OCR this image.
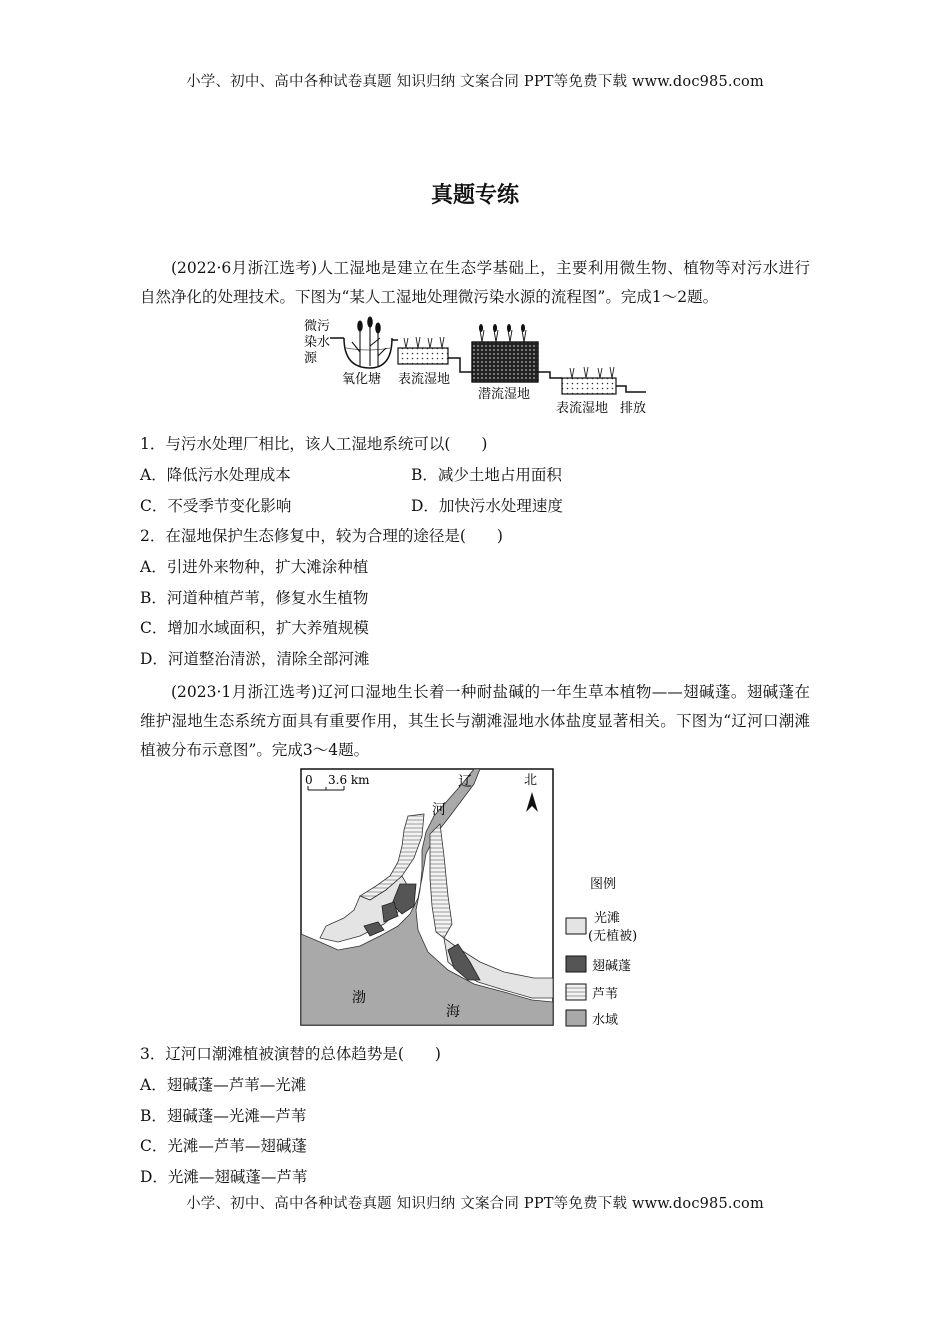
小学、初中、高中各种试卷真题 知识归纳 文案合同 PPT等免费下载 www.doc985.com
真题专练
(2022·6月浙江选考)人工湿地是建立在生态学基础上，主要利用微生物、植物等对污水进行自然净化的处理技术。下图为“某人工湿地处理微污染水源的流程图”。完成1～2题。
微污
染水
源
氧化塘 表流湿地
潜流湿地
表流湿地 排放
1．与污水处理厂相比，该人工湿地系统可以(　　)
A．降低污水处理成本	B．减少土地占用面积
C．不受季节变化影响	D．加快污水处理速度
2．在湿地保护生态修复中，较为合理的途径是(　　)
A．引进外来物种，扩大滩涂种植
B．河道种植芦苇，修复水生植物
C．增加水域面积，扩大养殖规模
D．河道整治清淤，清除全部河滩
(2023·1月浙江选考)辽河口湿地生长着一种耐盐碱的一年生草本植物——翅碱蓬。翅碱蓬在维护湿地生态系统方面具有重要作用，其生长与潮滩湿地水体盐度显著相关。下图为“辽河口潮滩植被分布示意图”。完成3～4题。
0 3.6 km	北
辽
河
渤
海
图例
光滩
(无植被)
翅碱蓬
芦苇
水域
3．辽河口潮滩植被演替的总体趋势是(　　)
A．翅碱蓬—芦苇—光滩
B．翅碱蓬—光滩—芦苇
C．光滩—芦苇—翅碱蓬
D．光滩—翅碱蓬—芦苇
小学、初中、高中各种试卷真题 知识归纳 文案合同 PPT等免费下载 www.doc985.com
